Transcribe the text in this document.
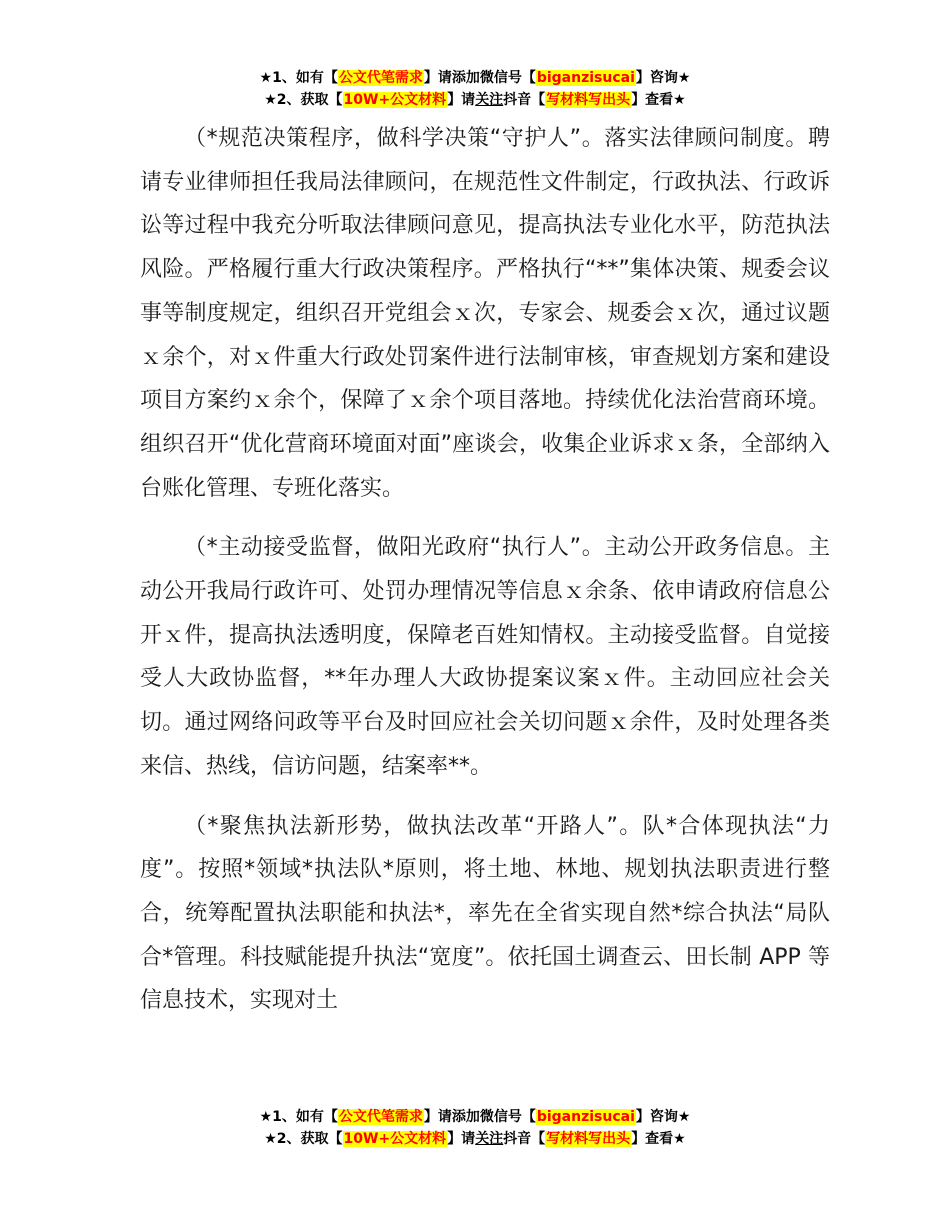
★1、如有【公文代笔需求】请添加微信号【biganzisucai】咨询★
★2、获取【10W+公文材料】请关注抖音【写材料写出头】查看★

（*规范决策程序，做科学决策“守护人”。落实法律顾问制度。聘请专业律师担任我局法律顾问，在规范性文件制定，行政执法、行政诉讼等过程中我充分听取法律顾问意见，提高执法专业化水平，防范执法风险。严格履行重大行政决策程序。严格执行“**”集体决策、规委会议事等制度规定，组织召开党组会ｘ次，专家会、规委会ｘ次，通过议题ｘ余个，对ｘ件重大行政处罚案件进行法制审核，审查规划方案和建设项目方案约ｘ余个，保障了ｘ余个项目落地。持续优化法治营商环境。组织召开“优化营商环境面对面”座谈会，收集企业诉求ｘ条，全部纳入台账化管理、专班化落实。

（*主动接受监督，做阳光政府“执行人”。主动公开政务信息。主动公开我局行政许可、处罚办理情况等信息ｘ余条、依申请政府信息公开ｘ件，提高执法透明度，保障老百姓知情权。主动接受监督。自觉接受人大政协监督，**年办理人大政协提案议案ｘ件。主动回应社会关切。通过网络问政等平台及时回应社会关切问题ｘ余件，及时处理各类来信、热线，信访问题，结案率**。

（*聚焦执法新形势，做执法改革“开路人”。队*合体现执法“力度”。按照*领域*执法队*原则，将土地、林地、规划执法职责进行整合，统筹配置执法职能和执法*，率先在全省实现自然*综合执法“局队合*管理。科技赋能提升执法“宽度”。依托国土调查云、田长制 APP 等信息技术，实现对土

★1、如有【公文代笔需求】请添加微信号【biganzisucai】咨询★
★2、获取【10W+公文材料】请关注抖音【写材料写出头】查看★
